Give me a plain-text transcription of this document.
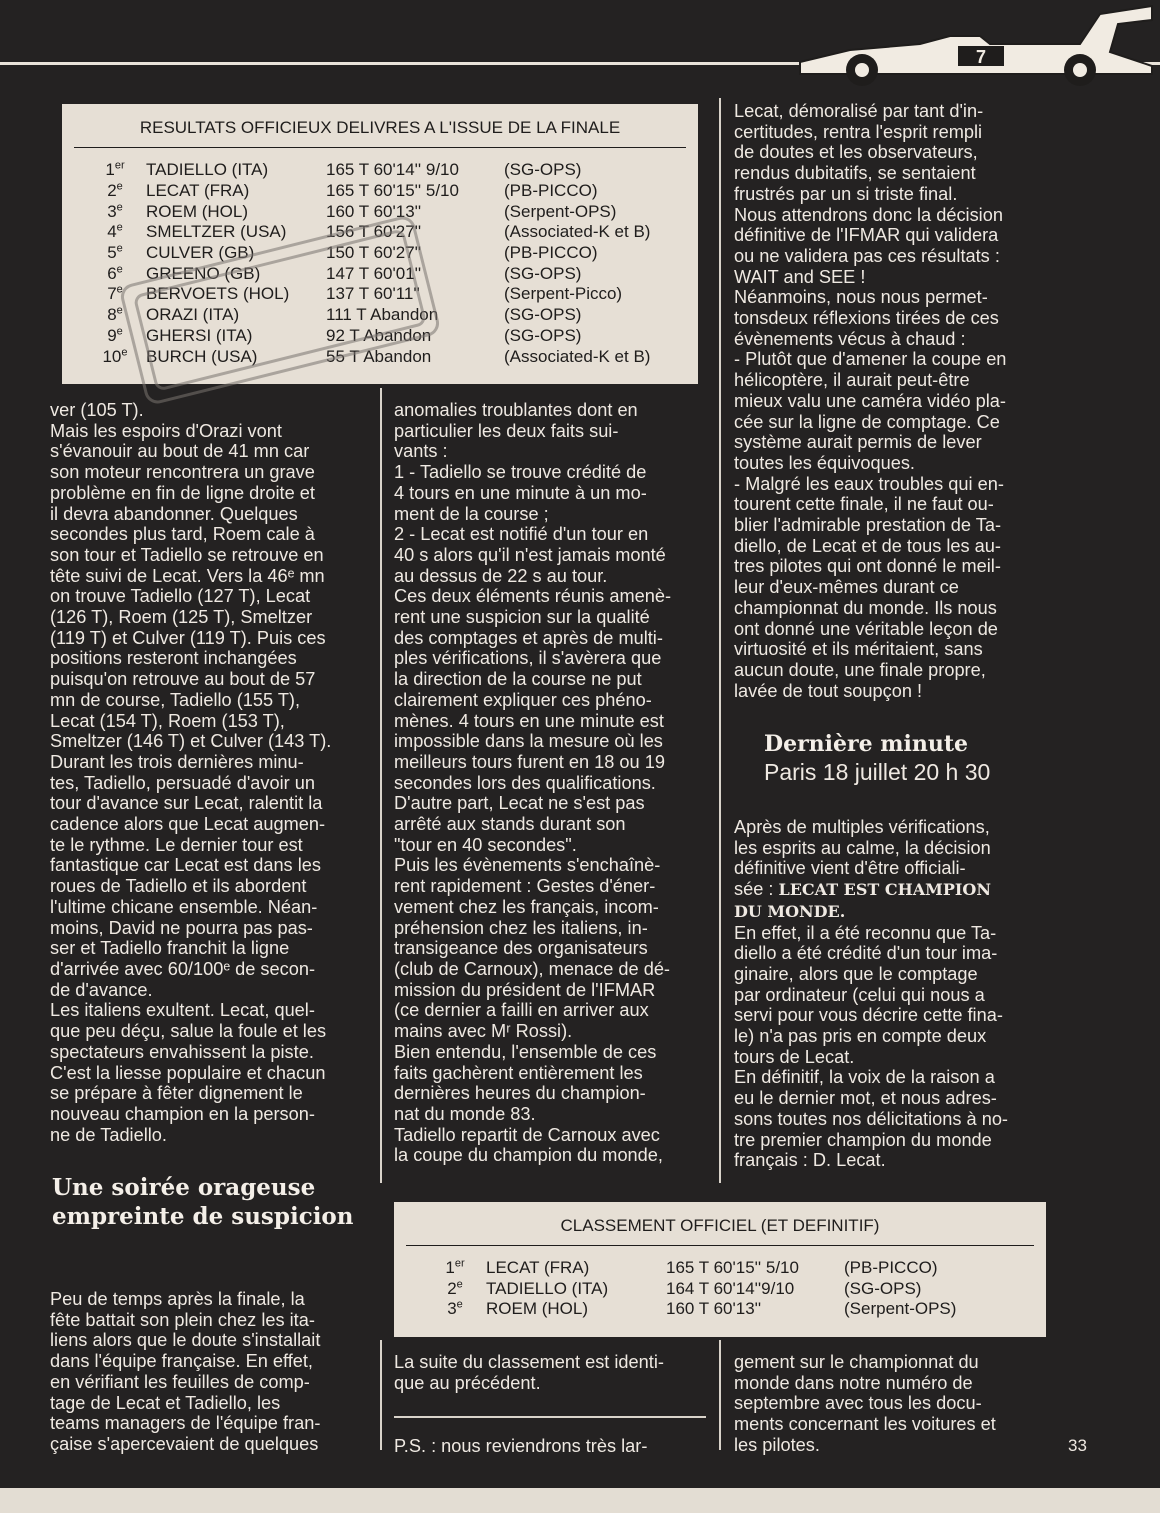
7
RESULTATS OFFICIEUX DELIVRES A L'ISSUE DE LA FINALE
1er	TADIELLO (ITA)	165 T 60'14'' 9/10	(SG-OPS)
2e	LECAT (FRA)	165 T 60'15'' 5/10	(PB-PICCO)
3e	ROEM (HOL)	160 T 60'13''	(Serpent-OPS)
4e	SMELTZER (USA)	156 T 60'27''	(Associated-K et B)
5e	CULVER (GB)	150 T 60'27''	(PB-PICCO)
6e	GREENO (GB)	147 T 60'01''	(SG-OPS)
7e	BERVOETS (HOL)	137 T 60'11''	(Serpent-Picco)
8e	ORAZI (ITA)	111 T Abandon	(SG-OPS)
9e	GHERSI (ITA)	92 T Abandon	(SG-OPS)
10e	BURCH (USA)	55 T Abandon	(Associated-K et B)

ver (105 T).

Mais les espoirs d'Orazi vont

s'évanouir au bout de 41 mn car

son moteur rencontrera un grave

problème en fin de ligne droite et

il devra abandonner. Quelques

secondes plus tard, Roem cale à

son tour et Tadiello se retrouve en

tête suivi de Lecat. Vers la 46ᵉ mn

on trouve Tadiello (127 T), Lecat

(126 T), Roem (125 T), Smeltzer

(119 T) et Culver (119 T). Puis ces

positions resteront inchangées

puisqu'on retrouve au bout de 57

mn de course, Tadiello (155 T),

Lecat (154 T), Roem (153 T),

Smeltzer (146 T) et Culver (143 T).

Durant les trois dernières minu-

tes, Tadiello, persuadé d'avoir un

tour d'avance sur Lecat, ralentit la

cadence alors que Lecat augmen-

te le rythme. Le dernier tour est

fantastique car Lecat est dans les

roues de Tadiello et ils abordent

l'ultime chicane ensemble. Néan-

moins, David ne pourra pas pas-

ser et Tadiello franchit la ligne

d'arrivée avec 60/100ᵉ de secon-

de d'avance.

Les italiens exultent. Lecat, quel-

que peu déçu, salue la foule et les

spectateurs envahissent la piste.

C'est la liesse populaire et chacun

se prépare à fêter dignement le

nouveau champion en la person-

ne de Tadiello.

Une soirée orageuse empreinte de suspicion

Peu de temps après la finale, la

fête battait son plein chez les ita-

liens alors que le doute s'installait

dans l'équipe française. En effet,

en vérifiant les feuilles de comp-

tage de Lecat et Tadiello, les

teams managers de l'équipe fran-

çaise s'apercevaient de quelques

anomalies troublantes dont en

particulier les deux faits sui-

vants :

1 - Tadiello se trouve crédité de

4 tours en une minute à un mo-

ment de la course ;

2 - Lecat est notifié d'un tour en

40 s alors qu'il n'est jamais monté

au dessus de 22 s au tour.

Ces deux éléments réunis amenè-

rent une suspicion sur la qualité

des comptages et après de multi-

ples vérifications, il s'avèrera que

la direction de la course ne put

clairement expliquer ces phéno-

mènes. 4 tours en une minute est

impossible dans la mesure où les

meilleurs tours furent en 18 ou 19

secondes lors des qualifications.

D'autre part, Lecat ne s'est pas

arrêté aux stands durant son

"tour en 40 secondes".

Puis les évènements s'enchaînè-

rent rapidement : Gestes d'éner-

vement chez les français, incom-

préhension chez les italiens, in-

transigeance des organisateurs

(club de Carnoux), menace de dé-

mission du président de l'IFMAR

(ce dernier a failli en arriver aux

mains avec Mʳ Rossi).

Bien entendu, l'ensemble de ces

faits gachèrent entièrement les

dernières heures du champion-

nat du monde 83.

Tadiello repartit de Carnoux avec

la coupe du champion du monde,

La suite du classement est identi-

que au précédent.

P.S. : nous reviendrons très lar-

Lecat, démoralisé par tant d'in-

certitudes, rentra l'esprit rempli

de doutes et les observateurs,

rendus dubitatifs, se sentaient

frustrés par un si triste final.

Nous attendrons donc la décision

définitive de l'IFMAR qui validera

ou ne validera pas ces résultats :

WAIT and SEE !

Néanmoins, nous nous permet-

tonsdeux réflexions tirées de ces

évènements vécus à chaud :

- Plutôt que d'amener la coupe en

hélicoptère, il aurait peut-être

mieux valu une caméra vidéo pla-

cée sur la ligne de comptage. Ce

système aurait permis de lever

toutes les équivoques.

- Malgré les eaux troubles qui en-

tourent cette finale, il ne faut ou-

blier l'admirable prestation de Ta-

diello, de Lecat et de tous les au-

tres pilotes qui ont donné le meil-

leur d'eux-mêmes durant ce

championnat du monde. Ils nous

ont donné une véritable leçon de

virtuosité et ils méritaient, sans

aucun doute, une finale propre,

lavée de tout soupçon !

Dernière minute
Paris 18 juillet 20 h 30

Après de multiples vérifications,

les esprits au calme, la décision

définitive vient d'être officiali-

sée : LECAT EST CHAMPION

DU MONDE.

En effet, il a été reconnu que Ta-

diello a été crédité d'un tour ima-

ginaire, alors que le comptage

par ordinateur (celui qui nous a

servi pour vous décrire cette fina-

le) n'a pas pris en compte deux

tours de Lecat.

En définitif, la voix de la raison a

eu le dernier mot, et nous adres-

sons toutes nos délicitations à no-

tre premier champion du monde

français : D. Lecat.

gement sur le championnat du

monde dans notre numéro de

septembre avec tous les docu-

ments concernant les voitures et

les pilotes.

CLASSEMENT OFFICIEL (ET DEFINITIF)
1er	LECAT (FRA)	165 T 60'15'' 5/10	(PB-PICCO)
2e	TADIELLO (ITA)	164 T 60'14''9/10	(SG-OPS)
3e	ROEM (HOL)	160 T 60'13''	(Serpent-OPS)
33
